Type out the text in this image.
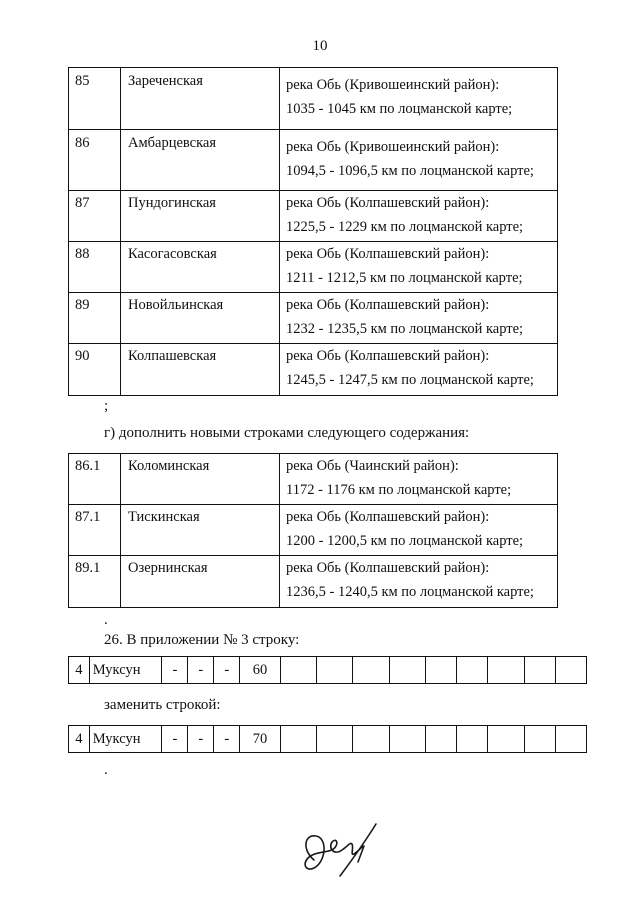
10
85	Зареченская	река Обь (Кривошеинский район):
1035 - 1045 км по лоцманской карте;

86	Амбарцевская	река Обь (Кривошеинский район):
1094,5 - 1096,5 км по лоцманской карте;

87	Пундогинская	река Обь (Колпашевский район):
1225,5 - 1229 км по лоцманской карте;

88	Касогасовская	река Обь (Колпашевский район):
1211 - 1212,5 км по лоцманской карте;

89	Новойльинская	река Обь (Колпашевский район):
1232 - 1235,5 км по лоцманской карте;

90	Колпашевская	река Обь (Колпашевский район):
1245,5 - 1247,5 км по лоцманской карте;
;
г) дополнить новыми строками следующего содержания:
86.1	Коломинская	река Обь (Чаинский район):
1172 - 1176 км по лоцманской карте;

87.1	Тискинская	река Обь (Колпашевский район):
1200 - 1200,5 км по лоцманской карте;

89.1	Озернинская	река Обь (Колпашевский район):
1236,5 - 1240,5 км по лоцманской карте;
.
26. В приложении № 3 строку:
4	Муксун	-	-	-	60									
заменить строкой:
4	Муксун	-	-	-	70									
.
